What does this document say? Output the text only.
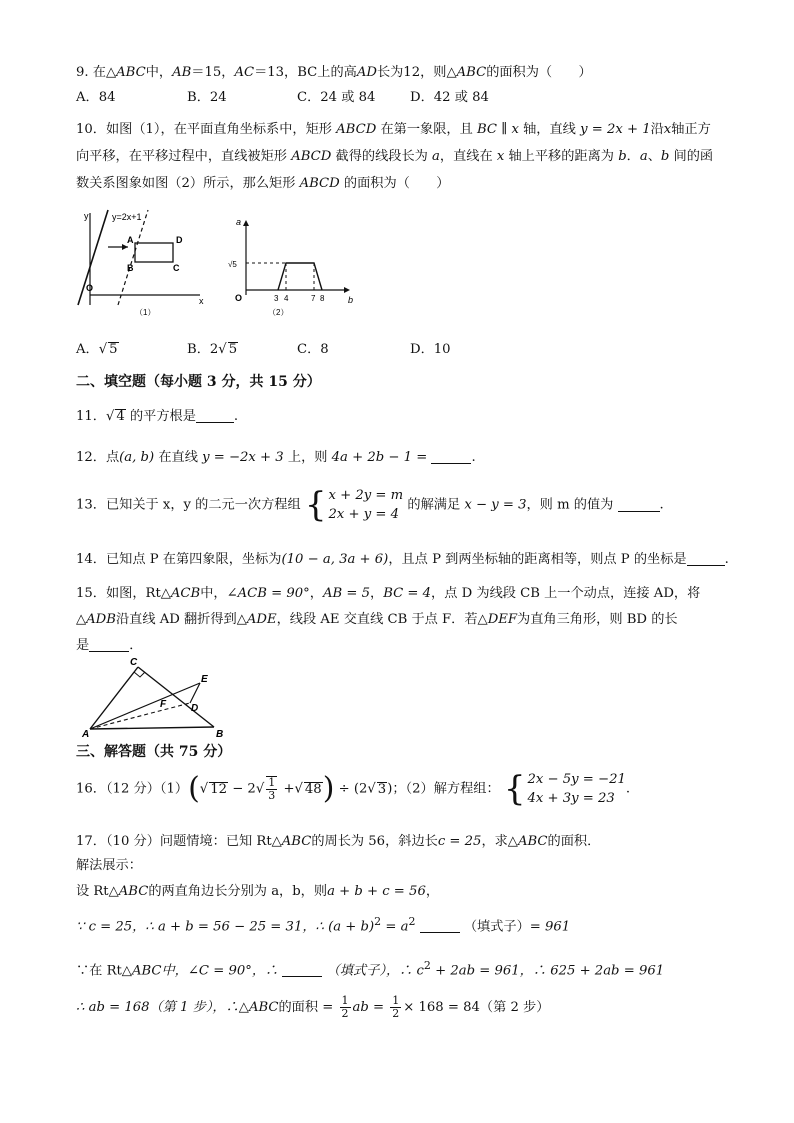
9. 在△ABC中，AB＝15，AC＝13，BC上的高AD长为12，则△ABC的面积为（　　）
A．84	B．24	C．24 或 84	D．42 或 84
10．如图（1），在平面直角坐标系中，矩形 ABCD 在第一象限，且 BC ∥ x 轴，直线 y = 2x + 1沿x轴正方
向平移，在平移过程中，直线被矩形 ABCD 截得的线段长为 a，直线在 x 轴上平移的距离为 b．a、b 间的函
数关系图象如图（2）所示，那么矩形 ABCD 的面积为（　　）
y=2x+1
y
x
A
B	C
D
O
（1）
a
b
O
√5
3 4	7 8
（2）
A．√ 5	B．2√ 5	C．8	D．10
二、填空题（每小题 3 分，共 15 分）
11．√ 4 的平方根是	.
12．点(a, b) 在直线 y = −2x + 3 上，则 4a + 2b − 1 =	.
13．已知关于 x，y 的二元一次方程组 { x + 2y = m
2x + y = 4
的解满足 x − y = 3，则 m 的值为	.
14．已知点 P 在第四象限，坐标为(10 − a, 3a + 6)，且点 P 到两坐标轴的距离相等，则点 P 的坐标是	.
15．如图，Rt△ACB中，∠ACB = 90°，AB = 5，BC = 4，点 D 为线段 CB 上一个动点，连接 AD，将
△ADB沿直线 AD 翻折得到△ADE，线段 AE 交直线 CB 于点 F．若△DEF为直角三角形，则 BD 的长
是	．
A	B
C
D
E
F
三、解答题（共 75 分）
16．（12 分）（1）(√ $12 - 2√ \frac{1}{3}$ +√ 48) ÷ (2√ 3)；（2）解方程组： { 2x − 5y = −21
4x + 3y = 23
.
17．（10 分）问题情境：已知 Rt△ABC的周长为 56，斜边长c = 25，求△ABC的面积．
解法展示：
设 Rt△ABC的两直角边长分别为 a，b，则a + b + c = 56，
∵ c = 25，∴ a + b = 56 − 25 = 31，∴ $(a + b)^2 = a^2$	（填式子）= 961
∵在 Rt△ABC中，∠C = 90°，∴	（填式子），∴ $c^2 + 2ab = 961$，∴ 625 + 2ab = 961
∴ ab = 168（第 1 步），∴△ABC的面积 = $\frac{1}{2}$ ab = $\frac{1}{2} \times 168 = 84$（第 2 步）
